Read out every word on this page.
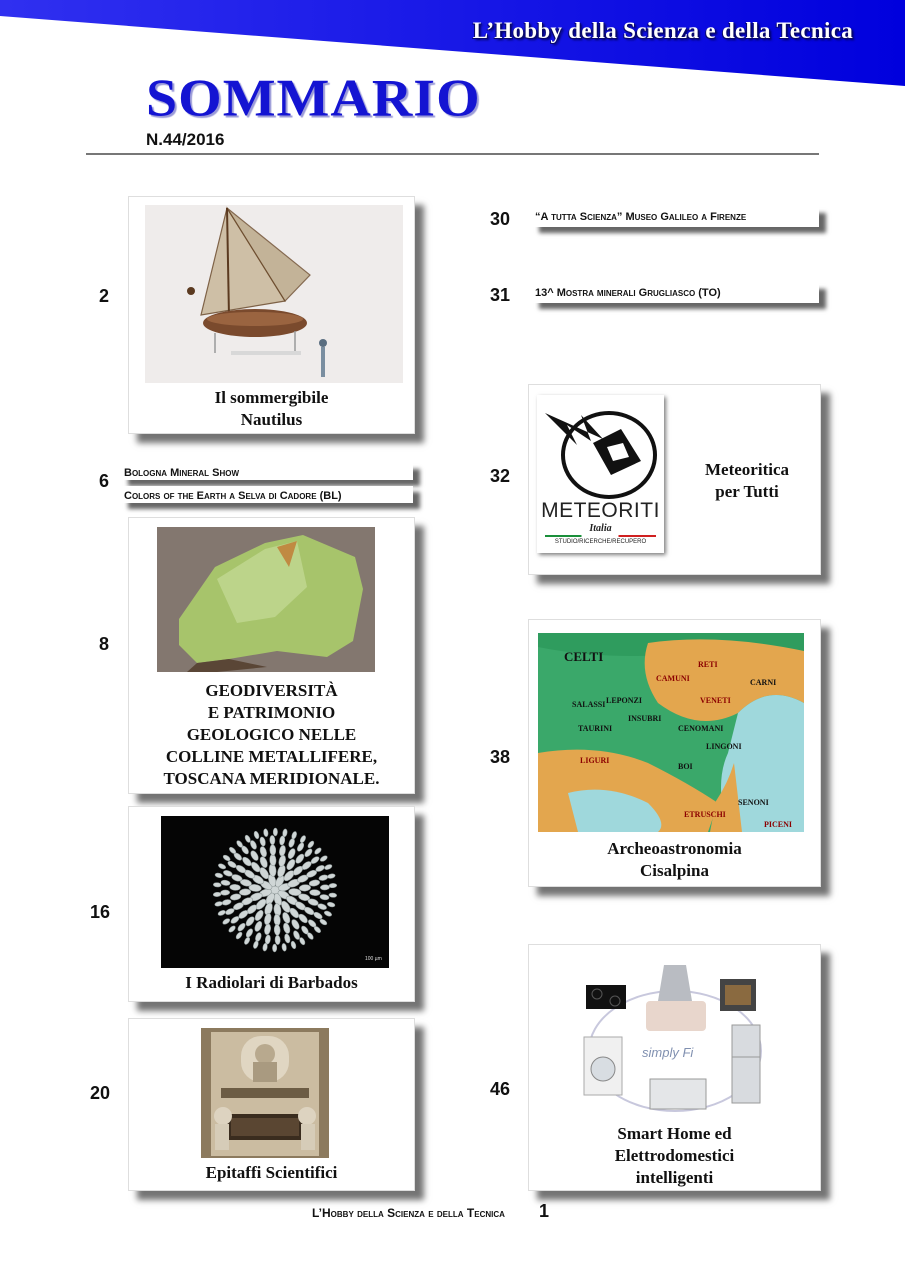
L’Hobby della Scienza e della Tecnica
SOMMARIO
N.44/2016
2
Il sommergibile
Nautilus
6 Bologna Mineral Show
Colors of the Earth a Selva di Cadore (BL)
8
GEODIVERSITÀ
E PATRIMONIO
GEOLOGICO NELLE
COLLINE METALLIFERE,
TOSCANA MERIDIONALE.
16
100 µm
I Radiolari di Barbados
20
Epitaffi Scientifici
30 “A tutta Scienza” Museo Galileo a Firenze
31 13^ Mostra minerali Grugliasco (TO)
32
METEORITI
Italia
STUDIO/RICERCHE/RECUPERO
Meteoritica
per Tutti
38
CELTI
RETI
CAMUNI	CARNI
VENETI
SALASSI LEPONZI
INSUBRI
TAURINI	CENOMANI
LINGONI
BOI
LIGURI
SENONI
ETRUSCHI
PICENI
Archeoastronomia
Cisalpina
46
simply Fi
Smart Home ed
Elettrodomestici
intelligenti
L’Hobby della Scienza e della Tecnica 1
